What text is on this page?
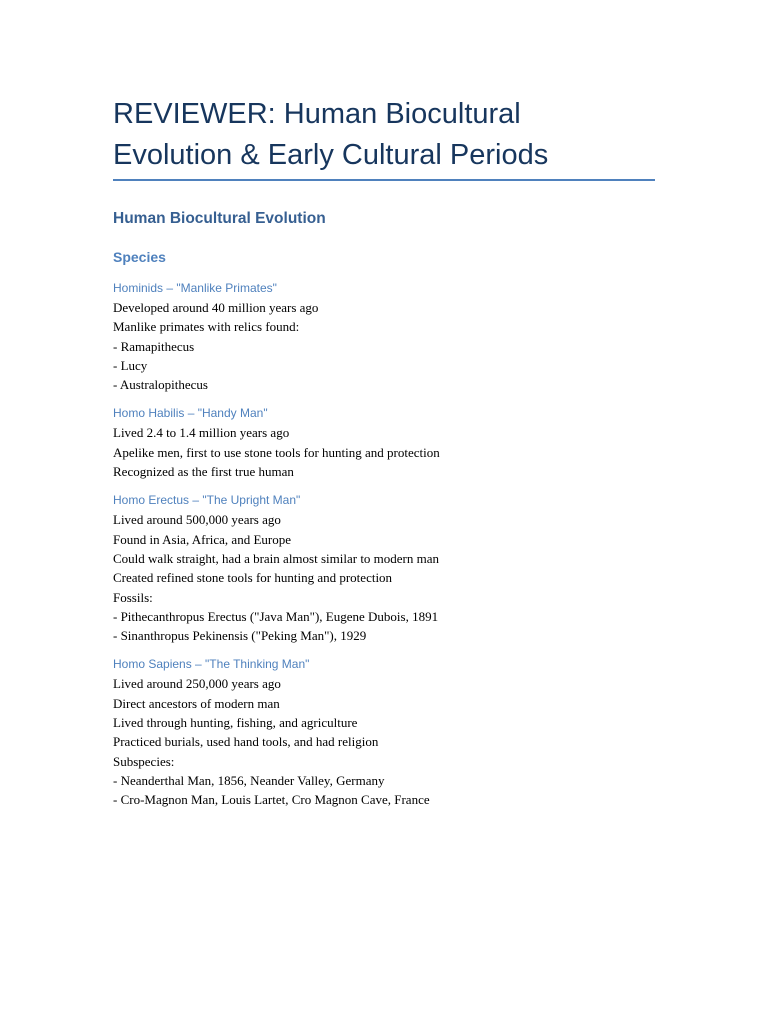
REVIEWER: Human Biocultural
Evolution & Early Cultural Periods
Human Biocultural Evolution
Species
Hominids – "Manlike Primates"
Developed around 40 million years ago
Manlike primates with relics found:
- Ramapithecus
- Lucy
- Australopithecus
Homo Habilis – "Handy Man"
Lived 2.4 to 1.4 million years ago
Apelike men, first to use stone tools for hunting and protection
Recognized as the first true human
Homo Erectus – "The Upright Man"
Lived around 500,000 years ago
Found in Asia, Africa, and Europe
Could walk straight, had a brain almost similar to modern man
Created refined stone tools for hunting and protection
Fossils:
- Pithecanthropus Erectus ("Java Man"), Eugene Dubois, 1891
- Sinanthropus Pekinensis ("Peking Man"), 1929
Homo Sapiens – "The Thinking Man"
Lived around 250,000 years ago
Direct ancestors of modern man
Lived through hunting, fishing, and agriculture
Practiced burials, used hand tools, and had religion
Subspecies:
- Neanderthal Man, 1856, Neander Valley, Germany
- Cro-Magnon Man, Louis Lartet, Cro Magnon Cave, France
